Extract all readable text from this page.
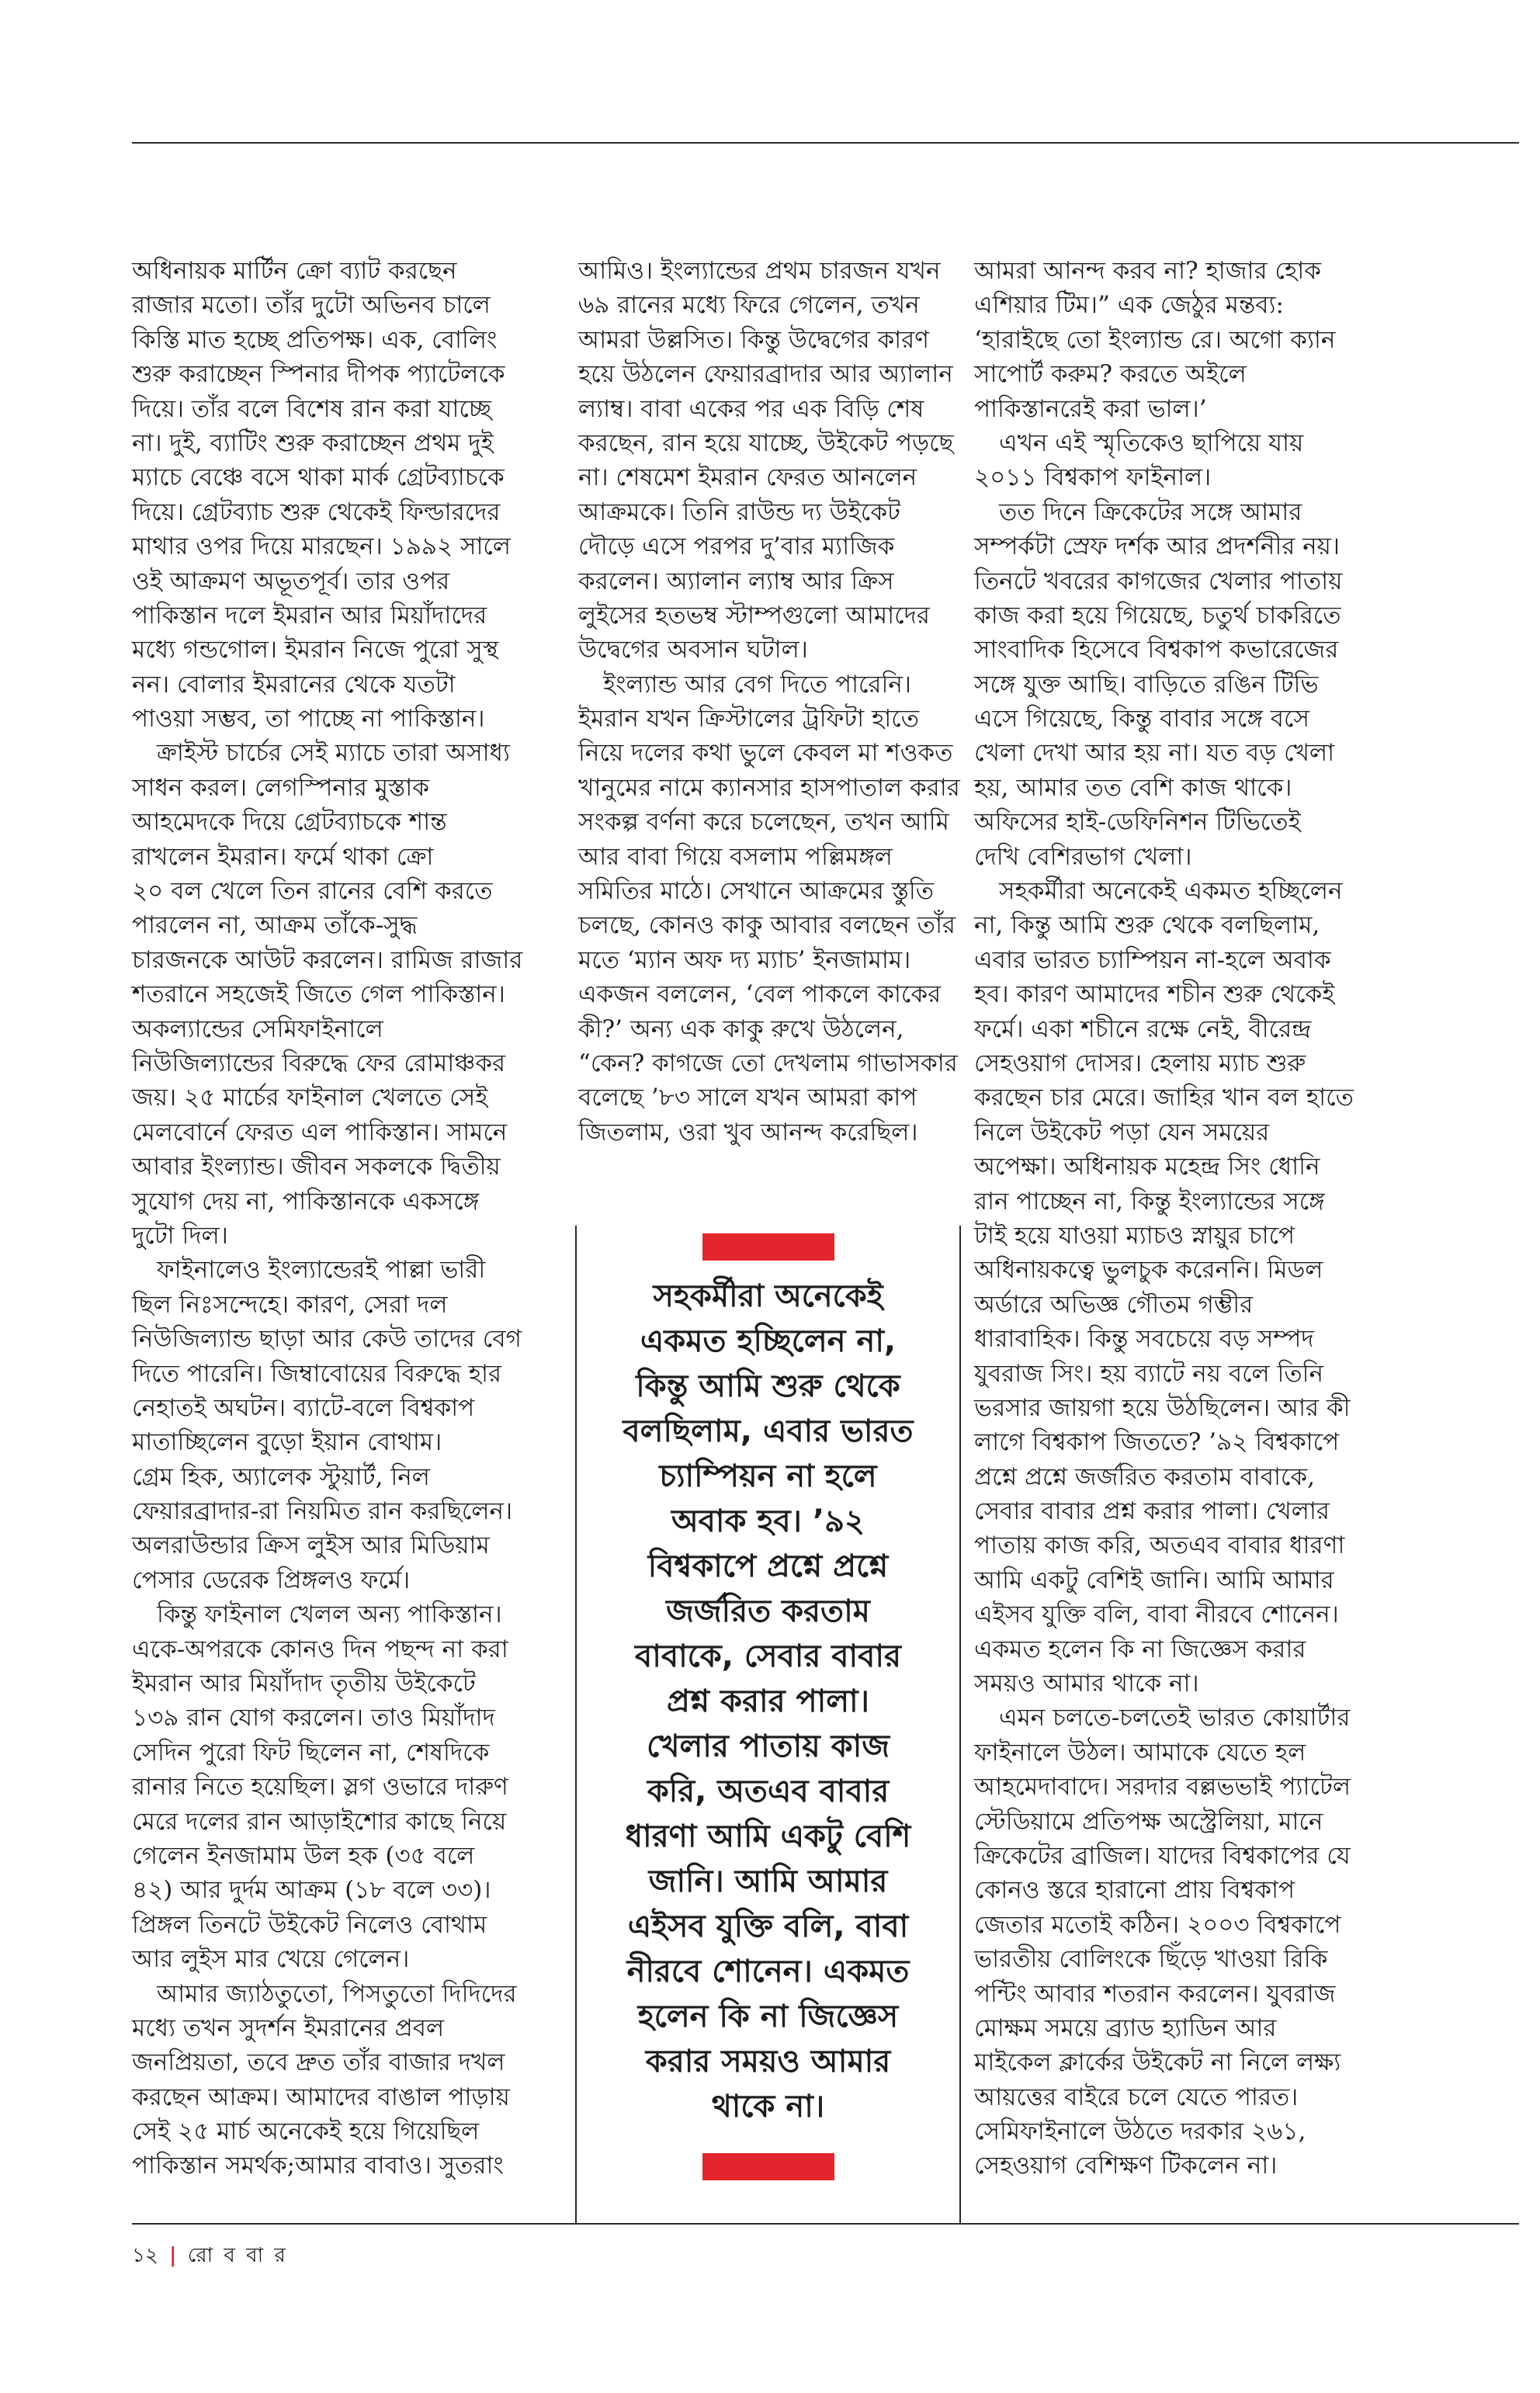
অধিনায়ক মার্টিন ক্রো ব্যাট করছেন
রাজার মতো। তাঁর দুটো অভিনব চালে
কিস্তি মাত হচ্ছে প্রতিপক্ষ। এক, বোলিং
শুরু করাচ্ছেন স্পিনার দীপক প্যাটেলকে
দিয়ে। তাঁর বলে বিশেষ রান করা যাচ্ছে
না। দুই, ব্যাটিং শুরু করাচ্ছেন প্রথম দুই
ম্যাচে বেঞ্চে বসে থাকা মার্ক গ্রেটব্যাচকে
দিয়ে। গ্রেটব্যাচ শুরু থেকেই ফিল্ডারদের
মাথার ওপর দিয়ে মারছেন। ১৯৯২ সালে
ওই আক্রমণ অভূতপূর্ব। তার ওপর
পাকিস্তান দলে ইমরান আর মিয়াঁদাদের
মধ্যে গন্ডগোল। ইমরান নিজে পুরো সুস্থ
নন। বোলার ইমরানের থেকে যতটা
পাওয়া সম্ভব, তা পাচ্ছে না পাকিস্তান।
ক্রাইস্ট চার্চের সেই ম্যাচে তারা অসাধ্য
সাধন করল। লেগস্পিনার মুস্তাক
আহমেদকে দিয়ে গ্রেটব্যাচকে শান্ত
রাখলেন ইমরান। ফর্মে থাকা ক্রো
২০ বল খেলে তিন রানের বেশি করতে
পারলেন না, আক্রম তাঁকে-সুদ্ধ
চারজনকে আউট করলেন। রামিজ রাজার
শতরানে সহজেই জিতে গেল পাকিস্তান।
অকল্যান্ডের সেমিফাইনালে
নিউজিল্যান্ডের বিরুদ্ধে ফের রোমাঞ্চকর
জয়। ২৫ মার্চের ফাইনাল খেলতে সেই
মেলবোর্নে ফেরত এল পাকিস্তান। সামনে
আবার ইংল্যান্ড। জীবন সকলকে দ্বিতীয়
সুযোগ দেয় না, পাকিস্তানকে একসঙ্গে
দুটো দিল।
ফাইনালেও ইংল্যান্ডেরই পাল্লা ভারী
ছিল নিঃসন্দেহে। কারণ, সেরা দল
নিউজিল্যান্ড ছাড়া আর কেউ তাদের বেগ
দিতে পারেনি। জিম্বাবোয়ের বিরুদ্ধে হার
নেহাতই অঘটন। ব্যাটে-বলে বিশ্বকাপ
মাতাচ্ছিলেন বুড়ো ইয়ান বোথাম।
গ্রেম হিক, অ্যালেক স্টুয়ার্ট, নিল
ফেয়ারব্রাদার-রা নিয়মিত রান করছিলেন।
অলরাউন্ডার ক্রিস লুইস আর মিডিয়াম
পেসার ডেরেক প্রিঙ্গলও ফর্মে।
কিন্তু ফাইনাল খেলল অন্য পাকিস্তান।
একে-অপরকে কোনও দিন পছন্দ না করা
ইমরান আর মিয়াঁদাদ তৃতীয় উইকেটে
১৩৯ রান যোগ করলেন। তাও মিয়াঁদাদ
সেদিন পুরো ফিট ছিলেন না, শেষদিকে
রানার নিতে হয়েছিল। স্লগ ওভারে দারুণ
মেরে দলের রান আড়াইশোর কাছে নিয়ে
গেলেন ইনজামাম উল হক (৩৫ বলে
৪২) আর দুর্দম আক্রম (১৮ বলে ৩৩)।
প্রিঙ্গল তিনটে উইকেট নিলেও বোথাম
আর লুইস মার খেয়ে গেলেন।
আমার জ্যাঠতুতো, পিসতুতো দিদিদের
মধ্যে তখন সুদর্শন ইমরানের প্রবল
জনপ্রিয়তা, তবে দ্রুত তাঁর বাজার দখল
করছেন আক্রম। আমাদের বাঙাল পাড়ায়
সেই ২৫ মার্চ অনেকেই হয়ে গিয়েছিল
পাকিস্তান সমর্থক;আমার বাবাও। সুতরাং
আমিও। ইংল্যান্ডের প্রথম চারজন যখন
৬৯ রানের মধ্যে ফিরে গেলেন, তখন
আমরা উল্লসিত। কিন্তু উদ্বেগের কারণ
হয়ে উঠলেন ফেয়ারব্রাদার আর অ্যালান
ল্যাম্ব। বাবা একের পর এক বিড়ি শেষ
করছেন, রান হয়ে যাচ্ছে, উইকেট পড়ছে
না। শেষমেশ ইমরান ফেরত আনলেন
আক্রমকে। তিনি রাউন্ড দ্য উইকেট
দৌড়ে এসে পরপর দু’বার ম্যাজিক
করলেন। অ্যালান ল্যাম্ব আর ক্রিস
লুইসের হতভম্ব স্টাম্পগুলো আমাদের
উদ্বেগের অবসান ঘটাল।
ইংল্যান্ড আর বেগ দিতে পারেনি।
ইমরান যখন ক্রিস্টালের ট্রফিটা হাতে
নিয়ে দলের কথা ভুলে কেবল মা শওকত
খানুমের নামে ক্যানসার হাসপাতাল করার
সংকল্প বর্ণনা করে চলেছেন, তখন আমি
আর বাবা গিয়ে বসলাম পল্লিমঙ্গল
সমিতির মাঠে। সেখানে আক্রমের স্তুতি
চলছে, কোনও কাকু আবার বলছেন তাঁর
মতে ‘ম্যান অফ দ্য ম্যাচ’ ইনজামাম।
একজন বললেন, ‘বেল পাকলে কাকের
কী?’ অন্য এক কাকু রুখে উঠলেন,
“কেন? কাগজে তো দেখলাম গাভাসকার
বলেছে ’৮৩ সালে যখন আমরা কাপ
জিতলাম, ওরা খুব আনন্দ করেছিল।
আমরা আনন্দ করব না? হাজার হোক
এশিয়ার টিম।” এক জেঠুর মন্তব্য:
‘হারাইছে তো ইংল্যান্ড রে। অগো ক্যান
সাপোর্ট করুম? করতে অইলে
পাকিস্তানরেই করা ভাল।’
এখন এই স্মৃতিকেও ছাপিয়ে যায়
২০১১ বিশ্বকাপ ফাইনাল।
তত দিনে ক্রিকেটের সঙ্গে আমার
সম্পর্কটা স্রেফ দর্শক আর প্রদর্শনীর নয়।
তিনটে খবরের কাগজের খেলার পাতায়
কাজ করা হয়ে গিয়েছে, চতুর্থ চাকরিতে
সাংবাদিক হিসেবে বিশ্বকাপ কভারেজের
সঙ্গে যুক্ত আছি। বাড়িতে রঙিন টিভি
এসে গিয়েছে, কিন্তু বাবার সঙ্গে বসে
খেলা দেখা আর হয় না। যত বড় খেলা
হয়, আমার তত বেশি কাজ থাকে।
অফিসের হাই-ডেফিনিশন টিভিতেই
দেখি বেশিরভাগ খেলা।
সহকর্মীরা অনেকেই একমত হচ্ছিলেন
না, কিন্তু আমি শুরু থেকে বলছিলাম,
এবার ভারত চ্যাম্পিয়ন না-হলে অবাক
হব। কারণ আমাদের শচীন শুরু থেকেই
ফর্মে। একা শচীনে রক্ষে নেই, বীরেন্দ্র
সেহওয়াগ দোসর। হেলায় ম্যাচ শুরু
করছেন চার মেরে। জাহির খান বল হাতে
নিলে উইকেট পড়া যেন সময়ের
অপেক্ষা। অধিনায়ক মহেন্দ্র সিং ধোনি
রান পাচ্ছেন না, কিন্তু ইংল্যান্ডের সঙ্গে
টাই হয়ে যাওয়া ম্যাচও স্নায়ুর চাপে
অধিনায়কত্বে ভুলচুক করেননি। মিডল
অর্ডারে অভিজ্ঞ গৌতম গম্ভীর
ধারাবাহিক। কিন্তু সবচেয়ে বড় সম্পদ
যুবরাজ সিং। হয় ব্যাটে নয় বলে তিনি
ভরসার জায়গা হয়ে উঠছিলেন। আর কী
লাগে বিশ্বকাপ জিততে? ’৯২ বিশ্বকাপে
প্রশ্নে প্রশ্নে জর্জরিত করতাম বাবাকে,
সেবার বাবার প্রশ্ন করার পালা। খেলার
পাতায় কাজ করি, অতএব বাবার ধারণা
আমি একটু বেশিই জানি। আমি আমার
এইসব যুক্তি বলি, বাবা নীরবে শোনেন।
একমত হলেন কি না জিজ্ঞেস করার
সময়ও আমার থাকে না।
এমন চলতে-চলতেই ভারত কোয়ার্টার
ফাইনালে উঠল। আমাকে যেতে হল
আহমেদাবাদে। সরদার বল্লভভাই প্যাটেল
স্টেডিয়ামে প্রতিপক্ষ অস্ট্রেলিয়া, মানে
ক্রিকেটের ব্রাজিল। যাদের বিশ্বকাপের যে
কোনও স্তরে হারানো প্রায় বিশ্বকাপ
জেতার মতোই কঠিন। ২০০৩ বিশ্বকাপে
ভারতীয় বোলিংকে ছিঁড়ে খাওয়া রিকি
পন্টিং আবার শতরান করলেন। যুবরাজ
মোক্ষম সময়ে ব্র্যাড হ্যাডিন আর
মাইকেল ক্লার্কের উইকেট না নিলে লক্ষ্য
আয়ত্তের বাইরে চলে যেতে পারত।
সেমিফাইনালে উঠতে দরকার ২৬১,
সেহওয়াগ বেশিক্ষণ টিকলেন না।
সহকর্মীরা অনেকেই
একমত হচ্ছিলেন না,
কিন্তু আমি শুরু থেকে
বলছিলাম, এবার ভারত
চ্যাম্পিয়ন না হলে
অবাক হব। ’৯২
বিশ্বকাপে প্রশ্নে প্রশ্নে
জর্জরিত করতাম
বাবাকে, সেবার বাবার
প্রশ্ন করার পালা।
খেলার পাতায় কাজ
করি, অতএব বাবার
ধারণা আমি একটু বেশি
জানি। আমি আমার
এইসব যুক্তি বলি, বাবা
নীরবে শোনেন। একমত
হলেন কি না জিজ্ঞেস
করার সময়ও আমার
থাকে না।
১২ | রো ব বা র
